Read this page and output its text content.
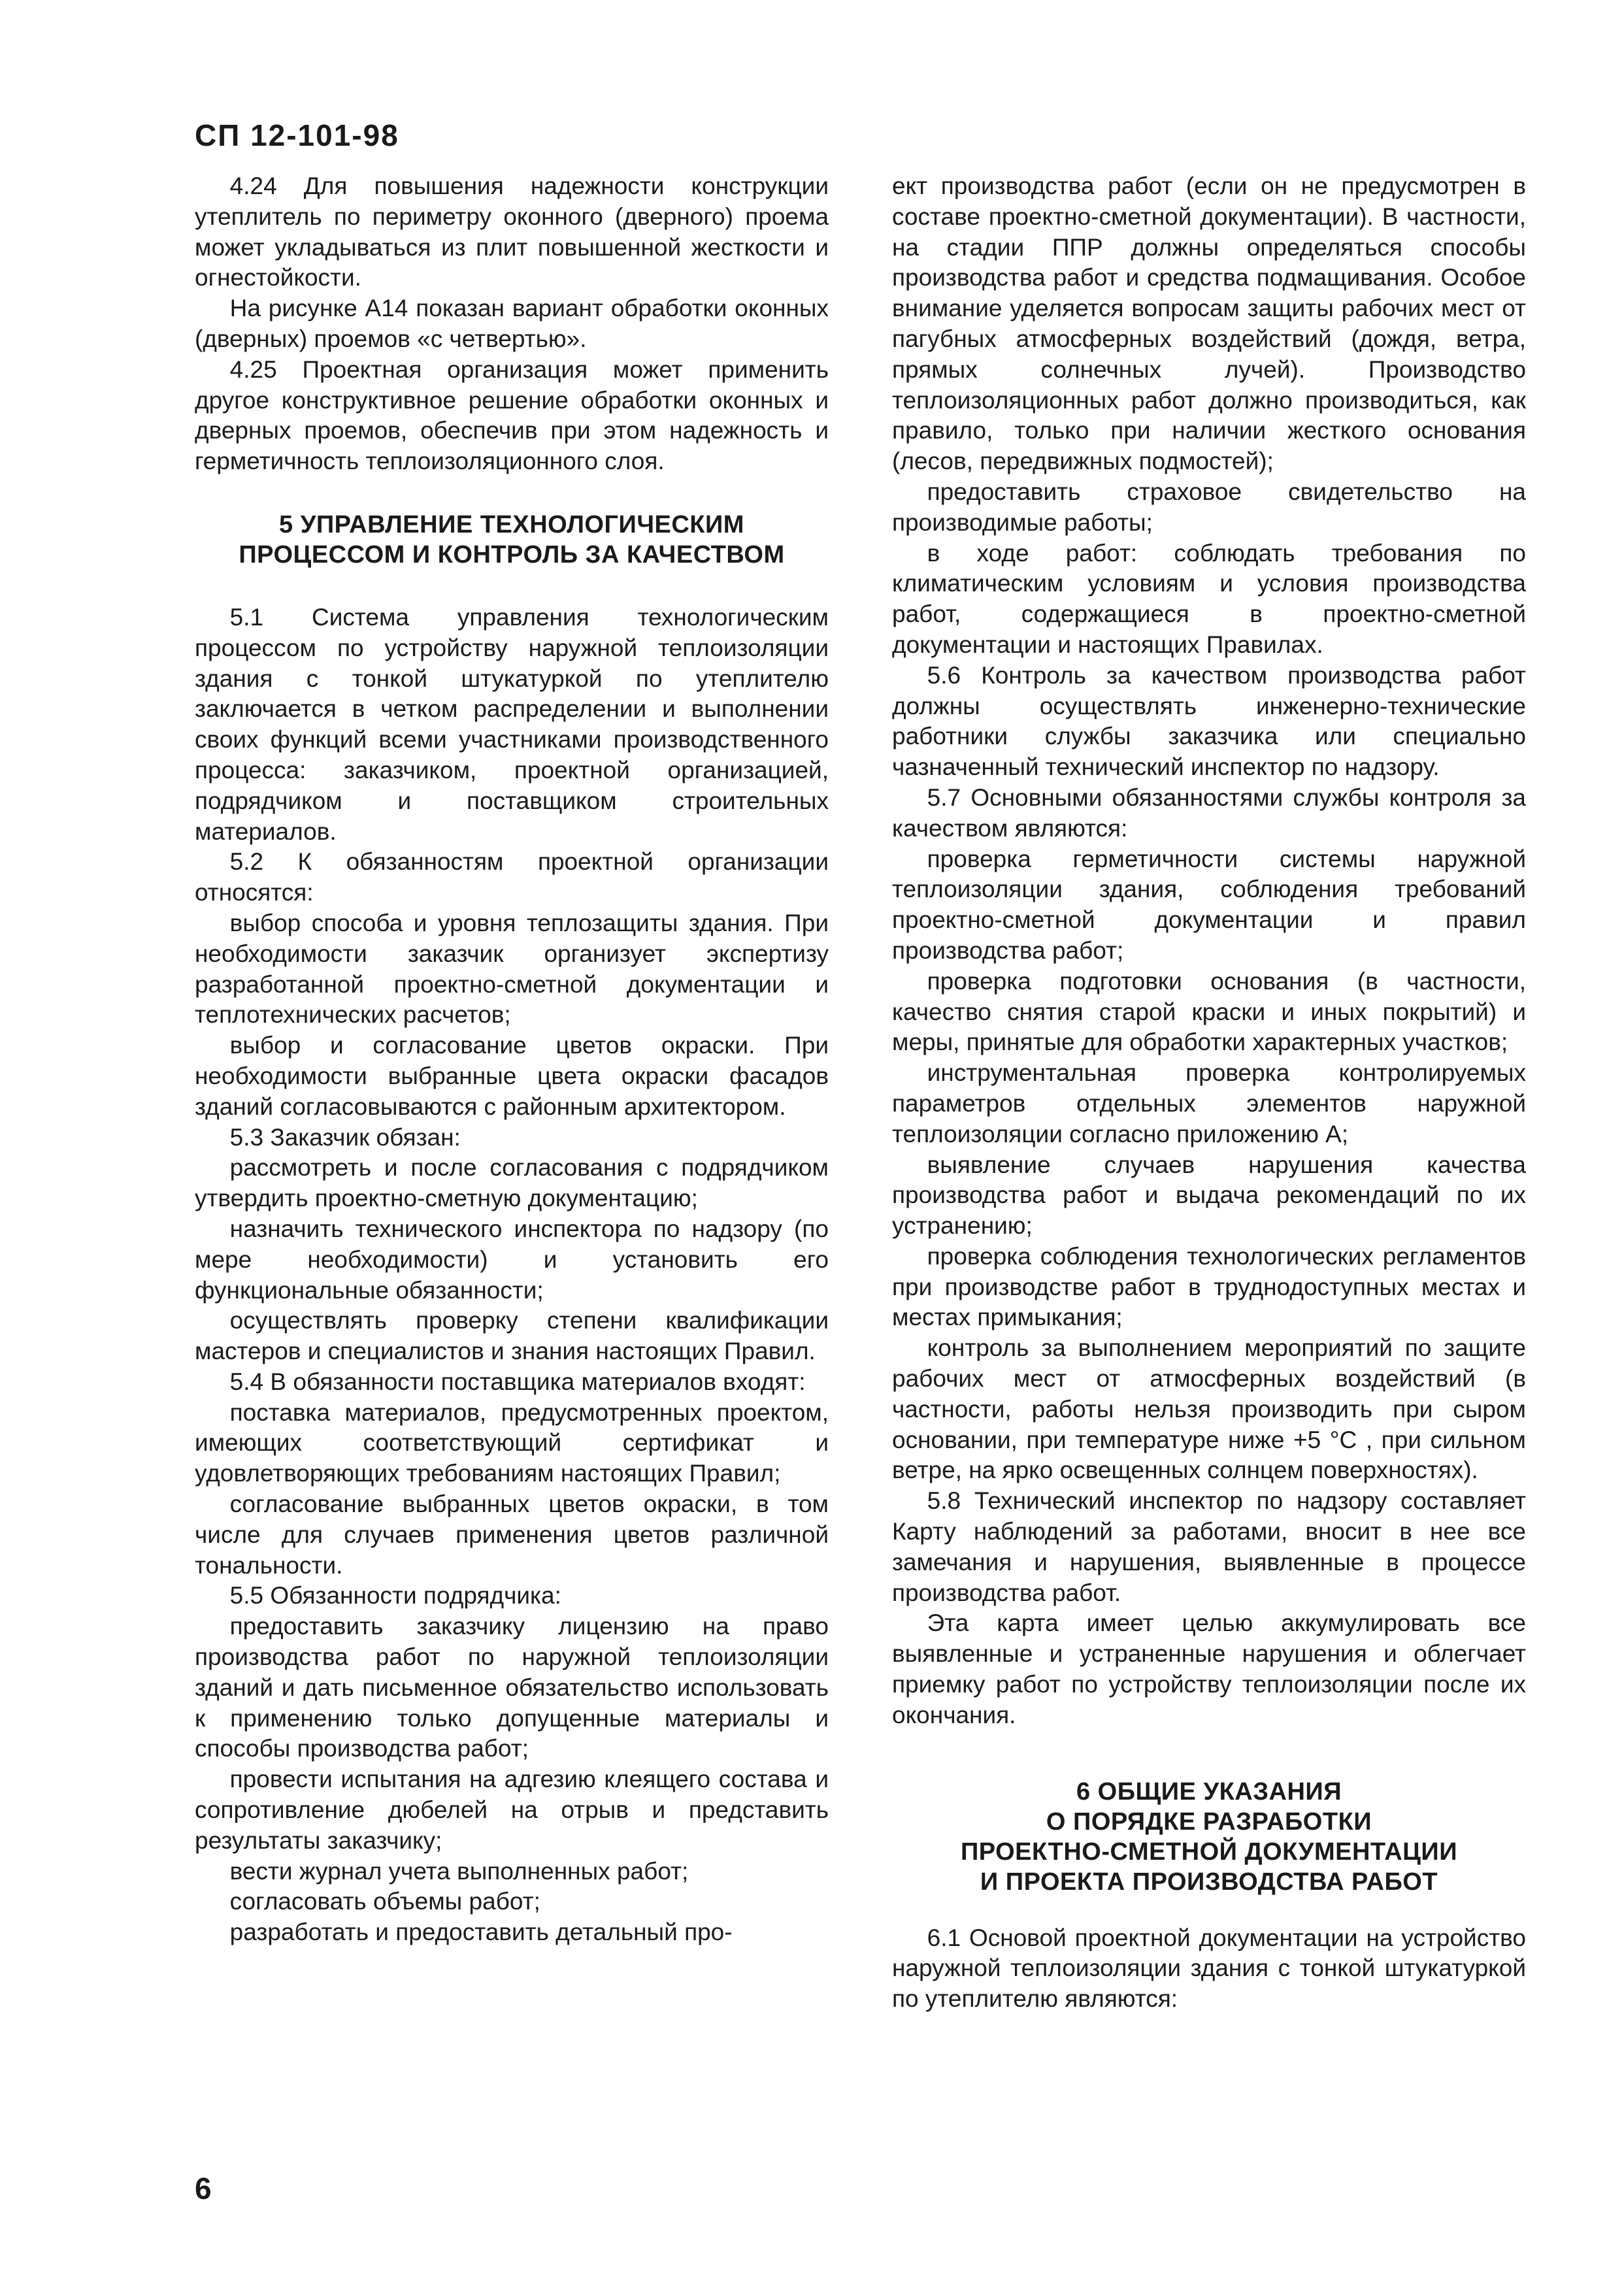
СП 12-101-98

4.24 Для повышения надежности конструкции утеплитель по периметру оконного (дверного) проема может укладываться из плит повышенной жесткости и огнестойкости.

На рисунке А14 показан вариант обработки оконных (дверных) проемов «с четвертью».

4.25 Проектная организация может применить другое конструктивное решение обработки оконных и дверных проемов, обеспечив при этом надежность и герметичность теплоизоляционного слоя.

5 УПРАВЛЕНИЕ ТЕХНОЛОГИЧЕСКИМ
ПРОЦЕССОМ И КОНТРОЛЬ ЗА КАЧЕСТВОМ

5.1 Система управления технологическим процессом по устройству наружной теплоизоляции здания с тонкой штукатуркой по утеплителю заключается в четком распределении и выполнении своих функций всеми участниками производственного процесса: заказчиком, проектной организацией, подрядчиком и поставщиком строительных материалов.

5.2 К обязанностям проектной организации относятся:

выбор способа и уровня теплозащиты здания. При необходимости заказчик организует экспертизу разработанной проектно-сметной документации и теплотехнических расчетов;

выбор и согласование цветов окраски. При необходимости выбранные цвета окраски фасадов зданий согласовываются с районным архитектором.

5.3 Заказчик обязан:

рассмотреть и после согласования с подрядчиком утвердить проектно-сметную документацию;

назначить технического инспектора по надзору (по мере необходимости) и установить его функциональные обязанности;

осуществлять проверку степени квалификации мастеров и специалистов и знания настоящих Правил.

5.4 В обязанности поставщика материалов входят:

поставка материалов, предусмотренных проектом, имеющих соответствующий сертификат и удовлетворяющих требованиям настоящих Правил;

согласование выбранных цветов окраски, в том числе для случаев применения цветов различной тональности.

5.5 Обязанности подрядчика:

предоставить заказчику лицензию на право производства работ по наружной теплоизоляции зданий и дать письменное обязательство использовать к применению только допущенные материалы и способы производства работ;

провести испытания на адгезию клеящего состава и сопротивление дюбелей на отрыв и представить результаты заказчику;

вести журнал учета выполненных работ;

согласовать объемы работ;

разработать и предоставить детальный про-

ект производства работ (если он не предусмотрен в составе проектно-сметной документации). В частности, на стадии ППР должны определяться способы производства работ и средства подмащивания. Особое внимание уделяется вопросам защиты рабочих мест от пагубных атмосферных воздействий (дождя, ветра, прямых солнечных лучей). Производство теплоизоляционных работ должно производиться, как правило, только при наличии жесткого основания (лесов, передвижных подмостей);

предоставить страховое свидетельство на производимые работы;

в ходе работ: соблюдать требования по климатическим условиям и условия производства работ, содержащиеся в проектно-сметной документации и настоящих Правилах.

5.6 Контроль за качеством производства работ должны осуществлять инженерно-технические работники службы заказчика или специально чазначенный технический инспектор по надзору.

5.7 Основными обязанностями службы контроля за качеством являются:

проверка герметичности системы наружной теплоизоляции здания, соблюдения требований проектно-сметной документации и правил производства работ;

проверка подготовки основания (в частности, качество снятия старой краски и иных покрытий) и меры, принятые для обработки характерных участков;

инструментальная проверка контролируемых параметров отдельных элементов наружной теплоизоляции согласно приложению А;

выявление случаев нарушения качества производства работ и выдача рекомендаций по их устранению;

проверка соблюдения технологических регламентов при производстве работ в труднодоступных местах и местах примыкания;

контроль за выполнением мероприятий по защите рабочих мест от атмосферных воздействий (в частности, работы нельзя производить при сыром основании, при температуре ниже +5 °С , при сильном ветре, на ярко освещенных солнцем поверхностях).

5.8 Технический инспектор по надзору составляет Карту наблюдений за работами, вносит в нее все замечания и нарушения, выявленные в процессе производства работ.

Эта карта имеет целью аккумулировать все выявленные и устраненные нарушения и облегчает приемку работ по устройству теплоизоляции после их окончания.

6 ОБЩИЕ УКАЗАНИЯ
О ПОРЯДКЕ РАЗРАБОТКИ
ПРОЕКТНО-СМЕТНОЙ ДОКУМЕНТАЦИИ
И ПРОЕКТА ПРОИЗВОДСТВА РАБОТ

6.1 Основой проектной документации на устройство наружной теплоизоляции здания с тонкой штукатуркой по утеплителю являются:

6
